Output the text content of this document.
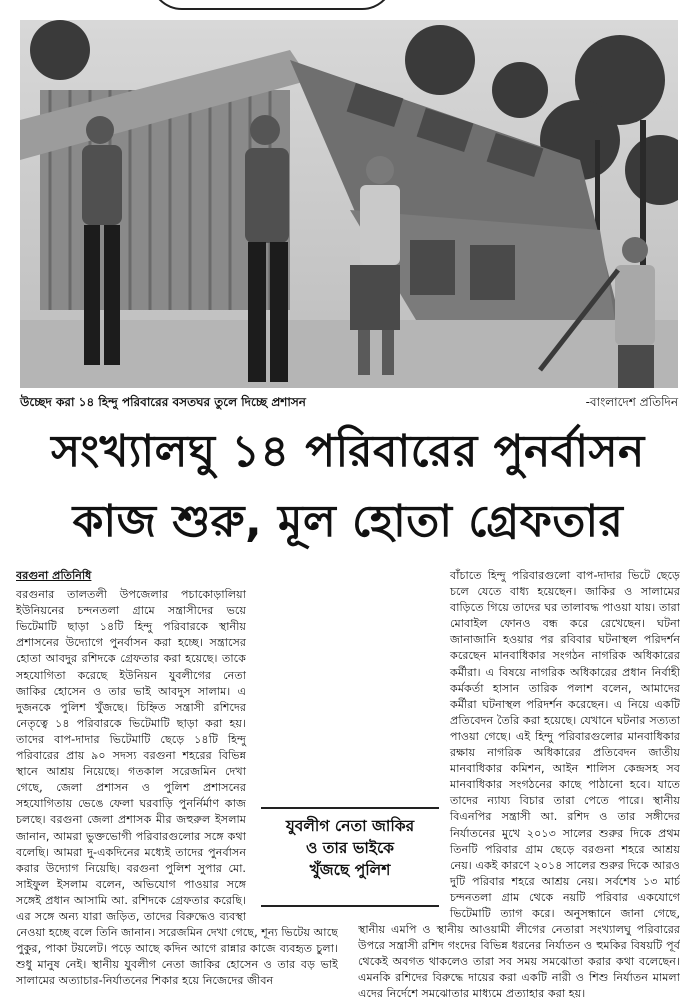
উচ্ছেদ করা ১৪ হিন্দু পরিবারের বসতঘর তুলে দিচ্ছে প্রশাসন	-বাংলাদেশ প্রতিদিন
সংখ্যালঘু ১৪ পরিবারের পুনর্বাসন
কাজ শুরু, মূল হোতা গ্রেফতার
বরগুনা প্রতিনিধি

বরগুনার তালতলী উপজেলার পচাকোড়ালিয়া ইউনিয়নের চন্দনতলা গ্রামে সন্ত্রাসীদের ভয়ে ভিটেমাটি ছাড়া ১৪টি হিন্দু পরিবারকে স্থানীয় প্রশাসনের উদ্যোগে পুনর্বাসন করা হচ্ছে। সন্ত্রাসের হোতা আবদুর রশিদকে গ্রেফতার করা হয়েছে। তাকে সহযোগিতা করেছে ইউনিয়ন যুবলীগের নেতা জাকির হোসেন ও তার ভাই আবদুস সালাম। এ দুজনকে পুলিশ খুঁজছে। চিহ্নিত সন্ত্রাসী রশিদের নেতৃত্বে ১৪ পরিবারকে ভিটেমাটি ছাড়া করা হয়। তাদের বাপ-দাদার ভিটেমাটি ছেড়ে ১৪টি হিন্দু পরিবারের প্রায় ৯০ সদস্য বরগুনা শহরের বিভিন্ন স্থানে আশ্রয় নিয়েছে। গতকাল সরেজমিন দেখা গেছে, জেলা প্রশাসন ও পুলিশ প্রশাসনের সহযোগিতায় ভেঙে ফেলা ঘরবাড়ি পুনর্নির্মাণ কাজ চলছে। বরগুনা জেলা প্রশাসক মীর জহুরুল ইসলাম জানান, আমরা ভুক্তভোগী পরিবারগুলোর সঙ্গে কথা বলেছি। আমরা দু-একদিনের মধ্যেই তাদের পুনর্বাসন করার উদ্যোগ নিয়েছি। বরগুনা পুলিশ সুপার মো. সাইফুল ইসলাম বলেন, অভিযোগ পাওয়ার সঙ্গে সঙ্গেই প্রধান আসামি আ. রশিদকে গ্রেফতার করেছি। এর সঙ্গে অন্য যারা জড়িত, তাদের বিরুদ্ধেও ব্যবস্থা নেওয়া হচ্ছে বলে তিনি জানান। সরেজমিন দেখা গেছে, শূন্য ভিটেয় আছে পুকুর, পাকা টয়লেট। পড়ে আছে কদিন আগে রান্নার কাজে ব্যবহৃত চুলা। শুধু মানুষ নেই। স্থানীয় যুবলীগ নেতা জাকির হোসেন ও তার বড় ভাই সালামের অত্যাচার-নির্যাতনের শিকার হয়ে নিজেদের জীবন

বাঁচাতে হিন্দু পরিবারগুলো বাপ-দাদার ভিটে ছেড়ে চলে যেতে বাধ্য হয়েছেন। জাকির ও সালামের বাড়িতে গিয়ে তাদের ঘর তালাবদ্ধ পাওয়া যায়। তারা মোবাইল ফোনও বন্ধ করে রেখেছেন। ঘটনা জানাজানি হওয়ার পর রবিবার ঘটনাস্থল পরিদর্শন করেছেন মানবাধিকার সংগঠন নাগরিক অধিকারের কর্মীরা। এ বিষয়ে নাগরিক অধিকারের প্রধান নির্বাহী কর্মকর্তা হাসান তারিক পলাশ বলেন, আমাদের কর্মীরা ঘটনাস্থল পরিদর্শন করেছেন। এ নিয়ে একটি প্রতিবেদন তৈরি করা হয়েছে। যেখানে ঘটনার সত্যতা পাওয়া গেছে। এই হিন্দু পরিবারগুলোর মানবাধিকার রক্ষায় নাগরিক অধিকারের প্রতিবেদন জাতীয় মানবাধিকার কমিশন, আইন শালিস কেন্দ্রসহ সব মানবাধিকার সংগঠনের কাছে পাঠানো হবে। যাতে তাদের ন্যায্য বিচার তারা পেতে পারে। স্থানীয় বিএনপির সন্ত্রাসী আ. রশিদ ও তার সঙ্গীদের নির্যাতনের মুখে ২০১৩ সালের শুরুর দিকে প্রথম তিনটি পরিবার গ্রাম ছেড়ে বরগুনা শহরে আশ্রয় নেয়। একই কারণে ২০১৪ সালের শুরুর দিকে আরও দুটি পরিবার শহরে আশ্রয় নেয়। সর্বশেষ ১৩ মার্চ চন্দনতলা গ্রাম থেকে নয়টি পরিবার একযোগে ভিটেমাটি ত্যাগ করে। অনুসন্ধানে জানা গেছে, স্থানীয় এমপি ও স্থানীয় আওয়ামী লীগের নেতারা সংখ্যালঘু পরিবারের উপরে সন্ত্রাসী রশিদ গংদের বিভিন্ন ধরনের নির্যাতন ও হুমকির বিষয়টি পূর্ব থেকেই অবগত থাকলেও তারা সব সময় সমঝোতা করার কথা বলেছেন। এমনকি রশিদের বিরুদ্ধে দায়ের করা একটি নারী ও শিশু নির্যাতন মামলা এদের নির্দেশে সমঝোতার মাধ্যমে প্রত্যাহার করা হয়।

যুবলীগ নেতা জাকির
ও তার ভাইকে
খুঁজছে পুলিশ
